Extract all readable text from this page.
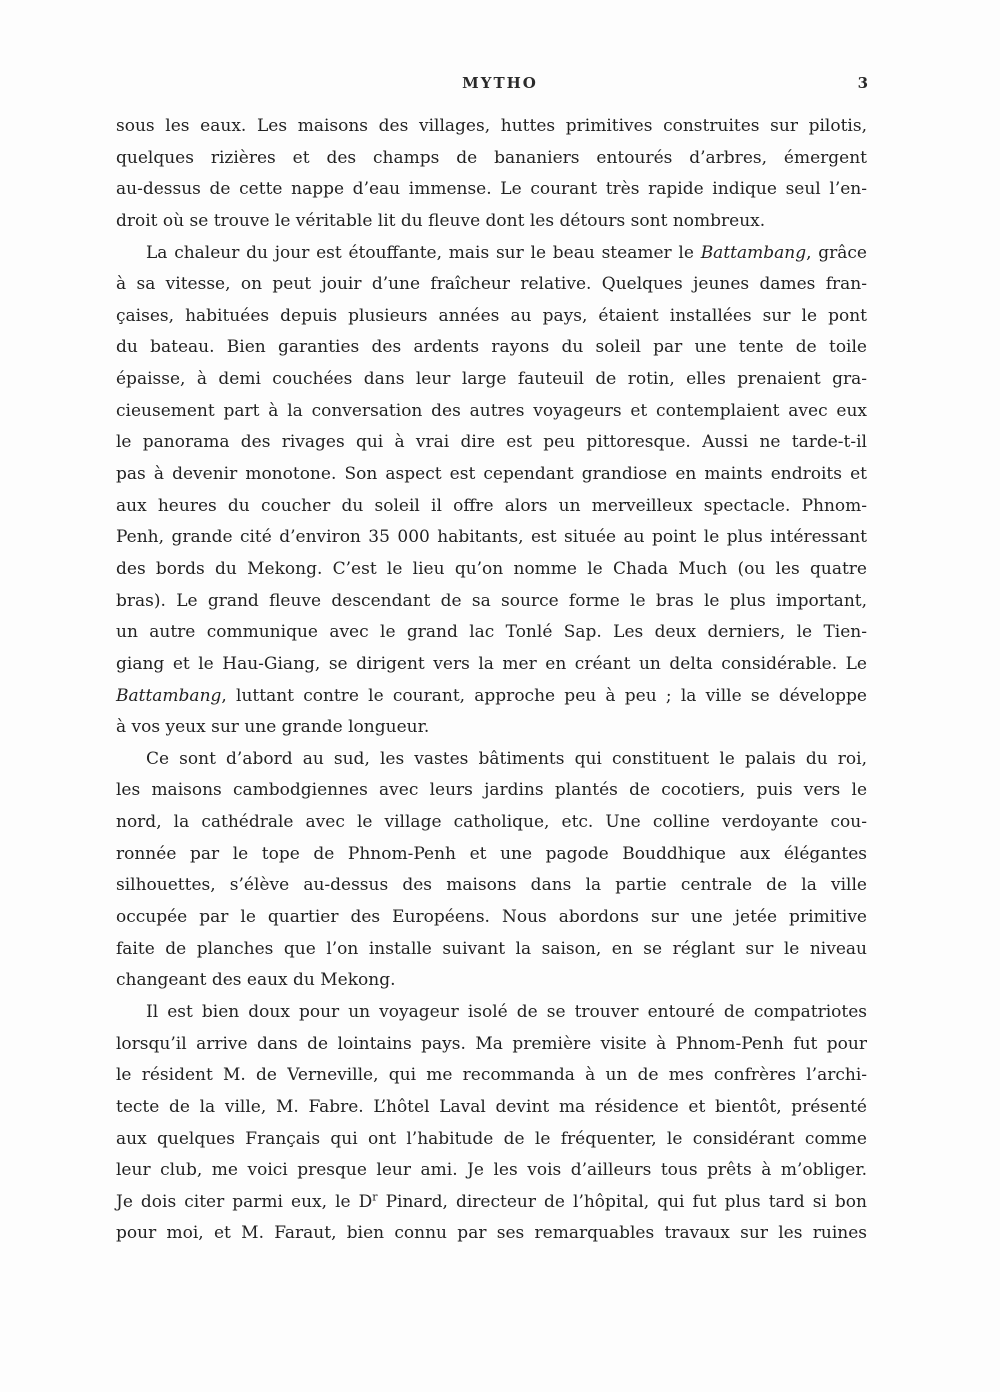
MYTHO	3
sous les eaux. Les maisons des villages, huttes primitives construites sur pilotis,
quelques rizières et des champs de bananiers entourés d’arbres, émergent
au-dessus de cette nappe d’eau immense. Le courant très rapide indique seul l’en-
droit où se trouve le véritable lit du fleuve dont les détours sont nombreux.
La chaleur du jour est étouffante, mais sur le beau steamer le Battambang, grâce
à sa vitesse, on peut jouir d’une fraîcheur relative. Quelques jeunes dames fran-
çaises, habituées depuis plusieurs années au pays, étaient installées sur le pont
du bateau. Bien garanties des ardents rayons du soleil par une tente de toile
épaisse, à demi couchées dans leur large fauteuil de rotin, elles prenaient gra-
cieusement part à la conversation des autres voyageurs et contemplaient avec eux
le panorama des rivages qui à vrai dire est peu pittoresque. Aussi ne tarde-t-il
pas à devenir monotone. Son aspect est cependant grandiose en maints endroits et
aux heures du coucher du soleil il offre alors un merveilleux spectacle. Phnom-
Penh, grande cité d’environ 35 000 habitants, est située au point le plus intéressant
des bords du Mekong. C’est le lieu qu’on nomme le Chada Much (ou les quatre
bras). Le grand fleuve descendant de sa source forme le bras le plus important,
un autre communique avec le grand lac Tonlé Sap. Les deux derniers, le Tien-
giang et le Hau-Giang, se dirigent vers la mer en créant un delta considérable. Le
Battambang, luttant contre le courant, approche peu à peu ; la ville se développe
à vos yeux sur une grande longueur.
Ce sont d’abord au sud, les vastes bâtiments qui constituent le palais du roi,
les maisons cambodgiennes avec leurs jardins plantés de cocotiers, puis vers le
nord, la cathédrale avec le village catholique, etc. Une colline verdoyante cou-
ronnée par le tope de Phnom-Penh et une pagode Bouddhique aux élégantes
silhouettes, s’élève au-dessus des maisons dans la partie centrale de la ville
occupée par le quartier des Européens. Nous abordons sur une jetée primitive
faite de planches que l’on installe suivant la saison, en se réglant sur le niveau
changeant des eaux du Mekong.
Il est bien doux pour un voyageur isolé de se trouver entouré de compatriotes
lorsqu’il arrive dans de lointains pays. Ma première visite à Phnom-Penh fut pour
le résident M. de Verneville, qui me recommanda à un de mes confrères l’archi-
tecte de la ville, M. Fabre. L’hôtel Laval devint ma résidence et bientôt, présenté
aux quelques Français qui ont l’habitude de le fréquenter, le considérant comme
leur club, me voici presque leur ami. Je les vois d’ailleurs tous prêts à m’obliger.
Je dois citer parmi eux, le $D^r$ Pinard, directeur de l’hôpital, qui fut plus tard si bon
pour moi, et M. Faraut, bien connu par ses remarquables travaux sur les ruines
